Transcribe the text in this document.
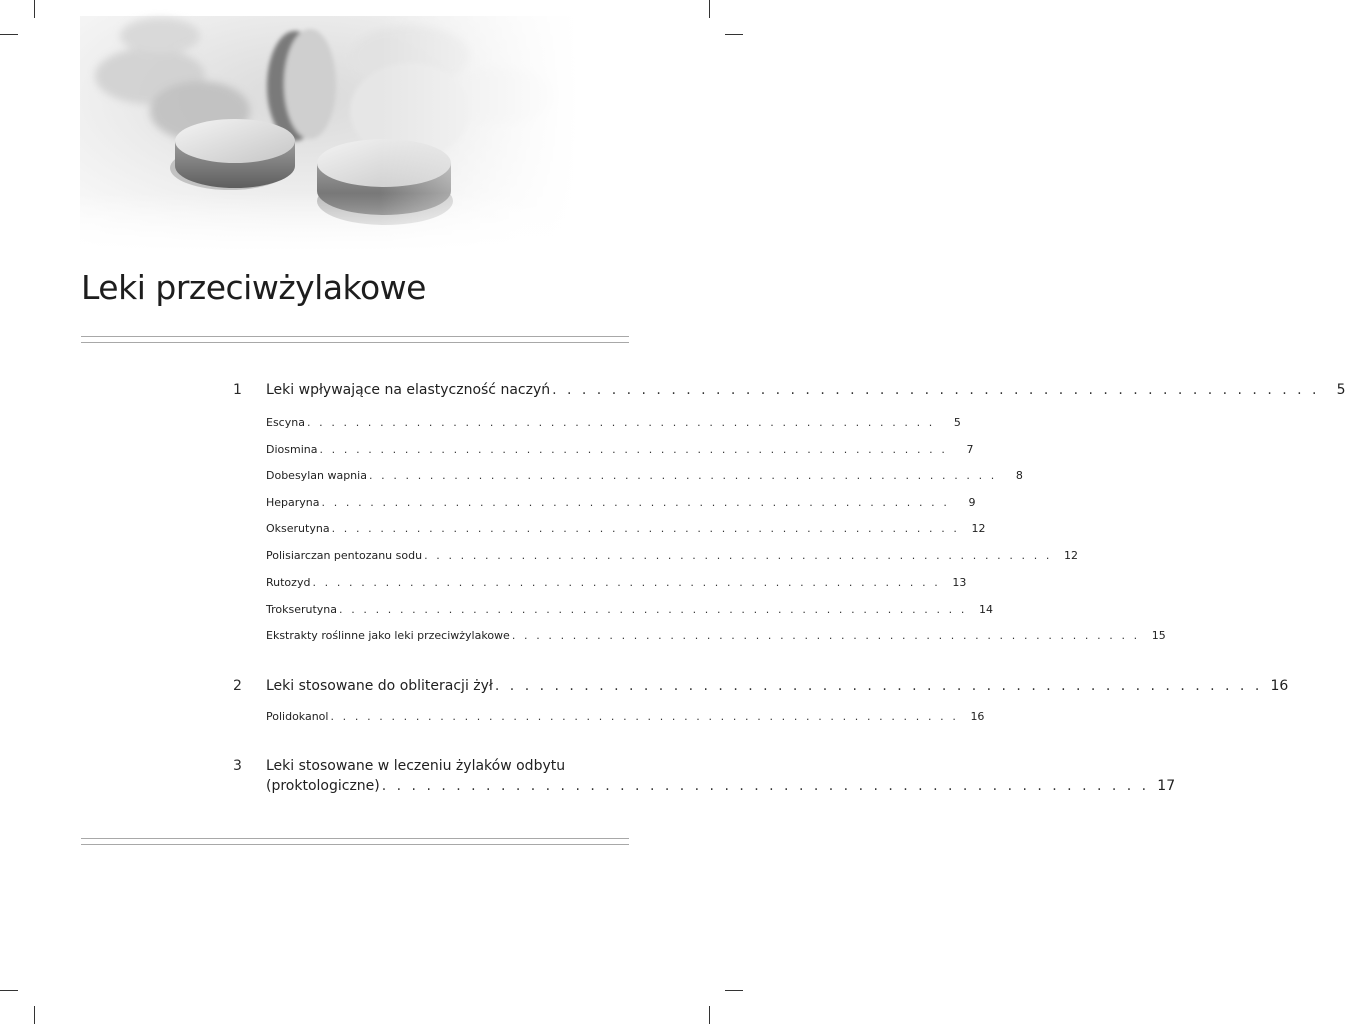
Leki przeciwżylakowe
1 Leki wpływające na elastyczność naczyń . . . . . . . . . . . . . . . . . . . . . . . . . . . . . . . . . . . . . . . . . . . . . . . . . . . .	5
Escyna . . . . . . . . . . . . . . . . . . . . . . . . . . . . . . . . . . . . . . . . . . . . . . . . . . . .	5
Diosmina . . . . . . . . . . . . . . . . . . . . . . . . . . . . . . . . . . . . . . . . . . . . . . . . . . . .	7
Dobesylan wapnia . . . . . . . . . . . . . . . . . . . . . . . . . . . . . . . . . . . . . . . . . . . . . . . . . . . .	8
Heparyna . . . . . . . . . . . . . . . . . . . . . . . . . . . . . . . . . . . . . . . . . . . . . . . . . . . .	9
Okserutyna . . . . . . . . . . . . . . . . . . . . . . . . . . . . . . . . . . . . . . . . . . . . . . . . . . . .	12
Polisiarczan pentozanu sodu . . . . . . . . . . . . . . . . . . . . . . . . . . . . . . . . . . . . . . . . . . . . . . . . . . . .	12
Rutozyd . . . . . . . . . . . . . . . . . . . . . . . . . . . . . . . . . . . . . . . . . . . . . . . . . . . .	13
Trokserutyna . . . . . . . . . . . . . . . . . . . . . . . . . . . . . . . . . . . . . . . . . . . . . . . . . . . .	14
Ekstrakty roślinne jako leki przeciwżylakowe . . . . . . . . . . . . . . . . . . . . . . . . . . . . . . . . . . . . . . . . . . . . . . . . . . . .	15
2 Leki stosowane do obliteracji żył . . . . . . . . . . . . . . . . . . . . . . . . . . . . . . . . . . . . . . . . . . . . . . . . . . . . 16
Polidokanol . . . . . . . . . . . . . . . . . . . . . . . . . . . . . . . . . . . . . . . . . . . . . . . . . . . .	16
3 Leki stosowane w leczeniu żylaków odbytu
(proktologiczne) . . . . . . . . . . . . . . . . . . . . . . . . . . . . . . . . . . . . . . . . . . . . . . . . . . . . 17
